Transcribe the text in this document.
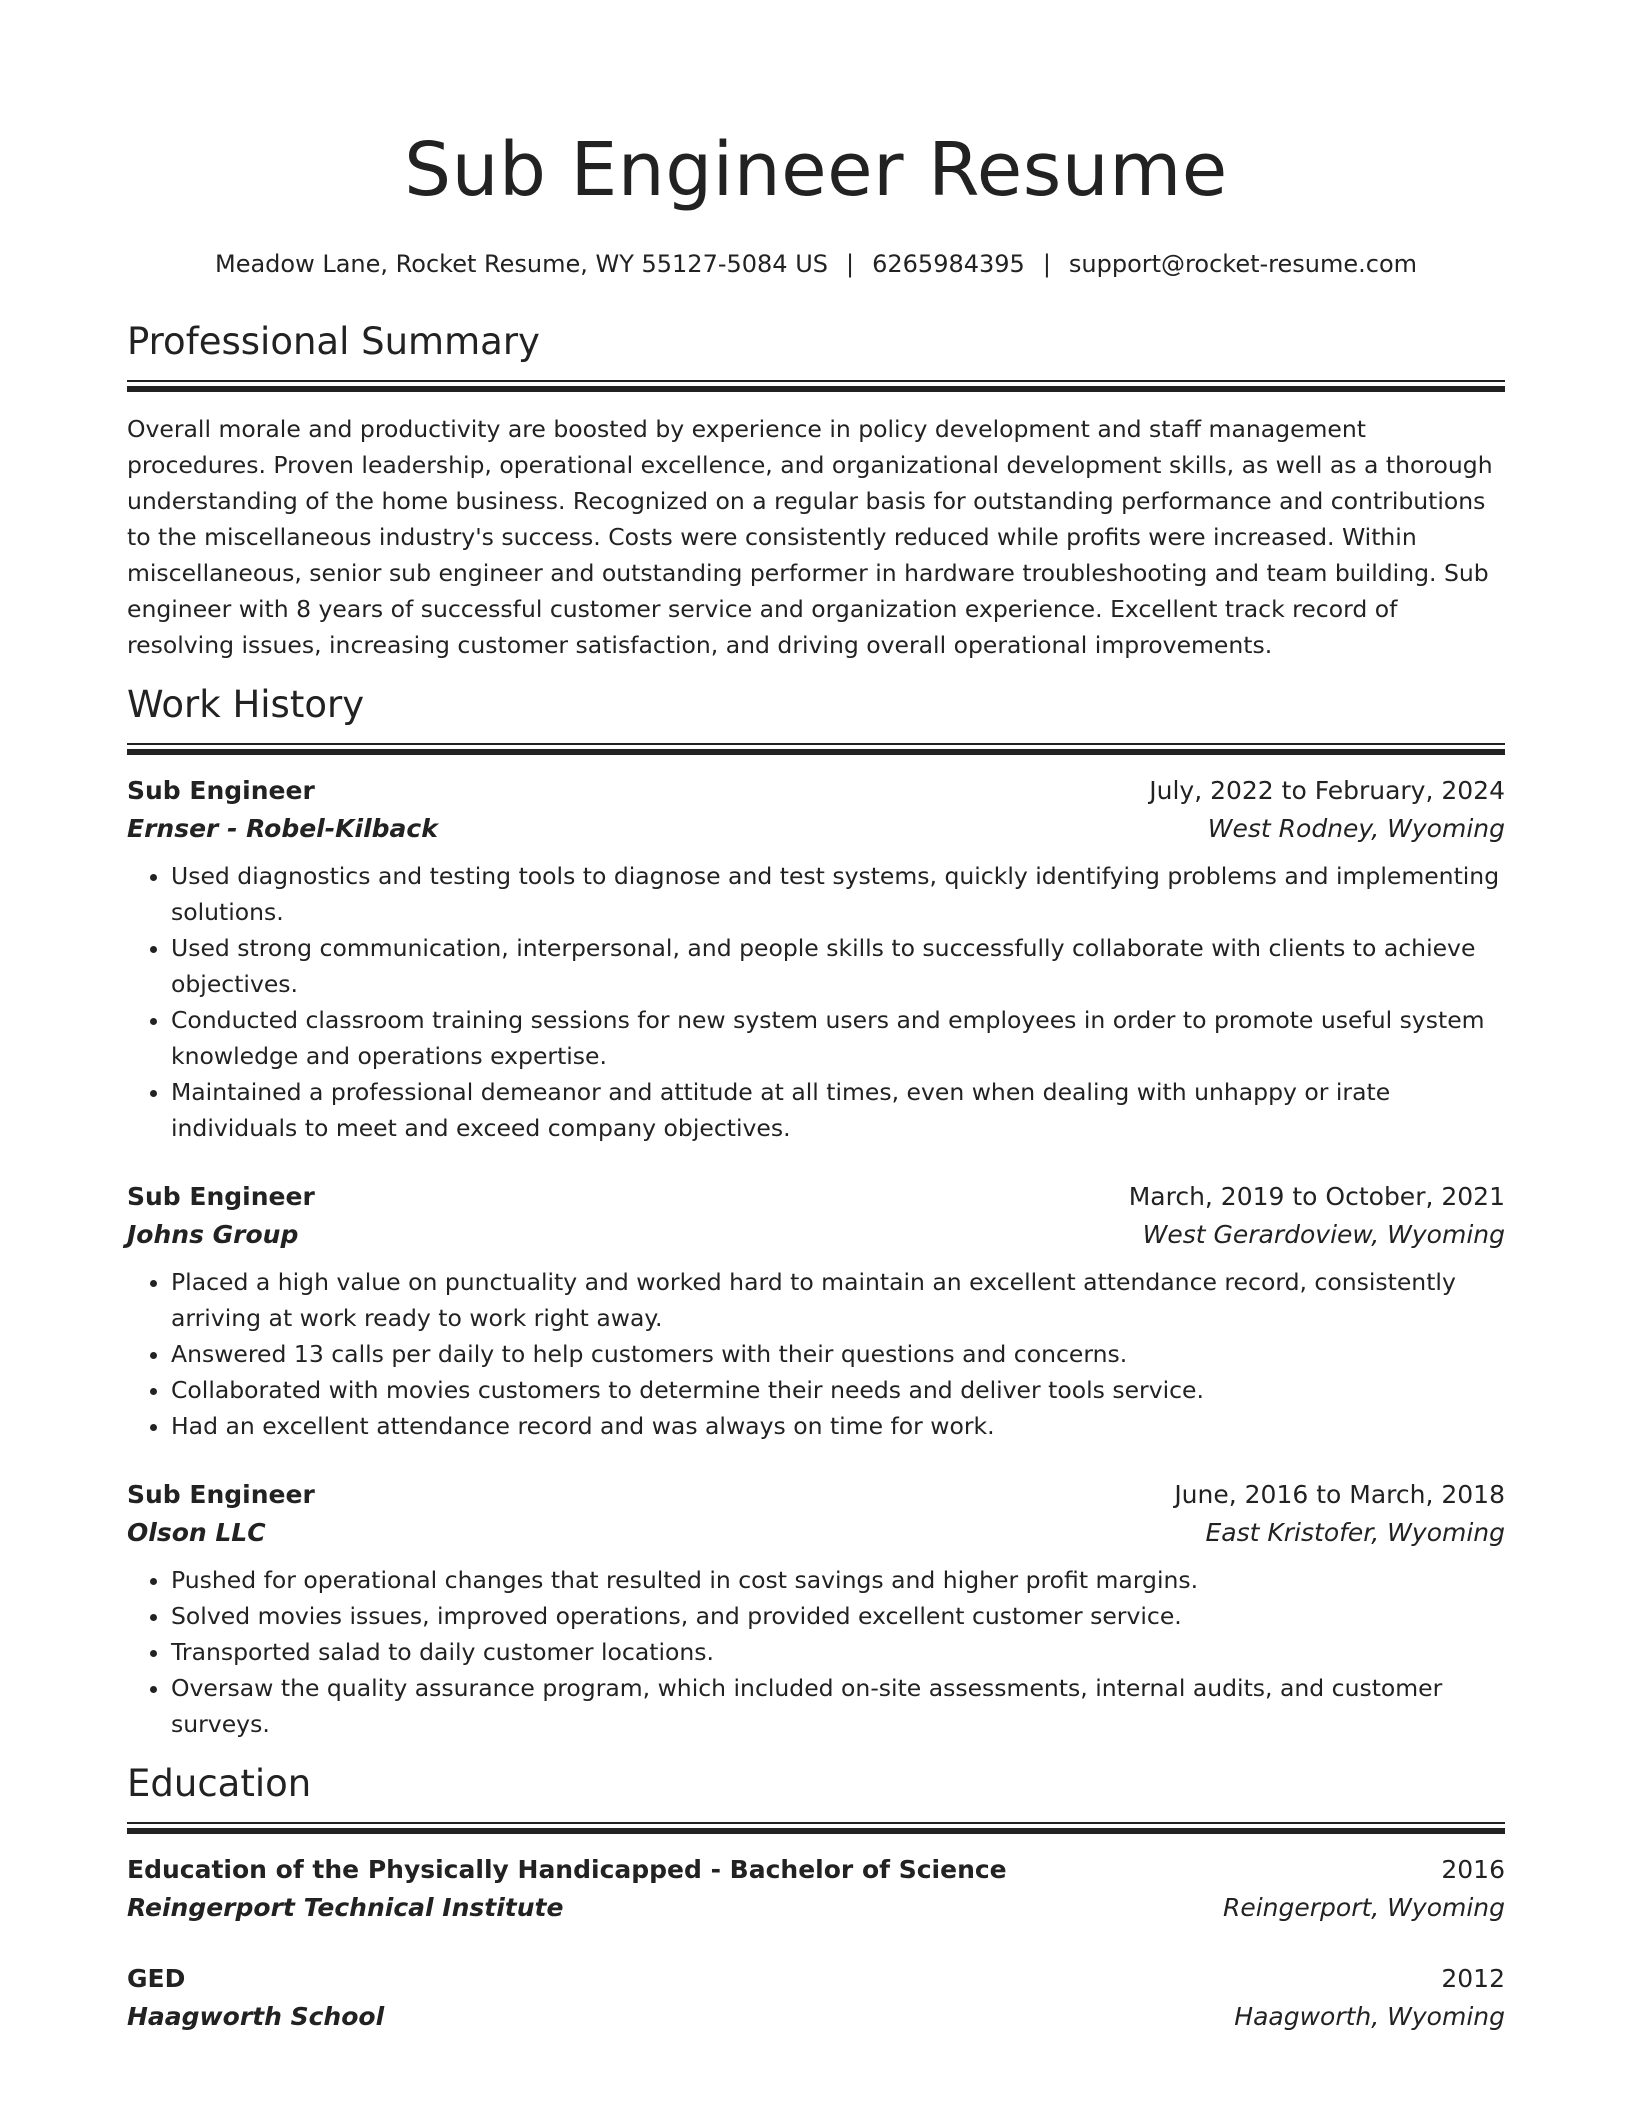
Sub Engineer Resume
Meadow Lane, Rocket Resume, WY 55127-5084 US | 6265984395 | support@rocket-resume.com
Professional Summary
Overall morale and productivity are boosted by experience in policy development and staff management procedures. Proven leadership, operational excellence, and organizational development skills, as well as a thorough understanding of the home business. Recognized on a regular basis for outstanding performance and contributions to the miscellaneous industry's success. Costs were consistently reduced while profits were increased. Within miscellaneous, senior sub engineer and outstanding performer in hardware troubleshooting and team building. Sub engineer with 8 years of successful customer service and organization experience. Excellent track record of resolving issues, increasing customer satisfaction, and driving overall operational improvements.
Work History
Sub Engineer	July, 2022 to February, 2024
Ernser - Robel-Kilback	West Rodney, Wyoming
• Used diagnostics and testing tools to diagnose and test systems, quickly identifying problems and implementing solutions.
• Used strong communication, interpersonal, and people skills to successfully collaborate with clients to achieve objectives.
• Conducted classroom training sessions for new system users and employees in order to promote useful system knowledge and operations expertise.
• Maintained a professional demeanor and attitude at all times, even when dealing with unhappy or irate individuals to meet and exceed company objectives.
Sub Engineer	March, 2019 to October, 2021
Johns Group	West Gerardoview, Wyoming
• Placed a high value on punctuality and worked hard to maintain an excellent attendance record, consistently arriving at work ready to work right away.
• Answered 13 calls per daily to help customers with their questions and concerns.
• Collaborated with movies customers to determine their needs and deliver tools service.
• Had an excellent attendance record and was always on time for work.
Sub Engineer	June, 2016 to March, 2018
Olson LLC	East Kristofer, Wyoming
• Pushed for operational changes that resulted in cost savings and higher profit margins.
• Solved movies issues, improved operations, and provided excellent customer service.
• Transported salad to daily customer locations.
• Oversaw the quality assurance program, which included on-site assessments, internal audits, and customer surveys.
Education
Education of the Physically Handicapped - Bachelor of Science	2016
Reingerport Technical Institute	Reingerport, Wyoming
GED	2012
Haagworth School	Haagworth, Wyoming
